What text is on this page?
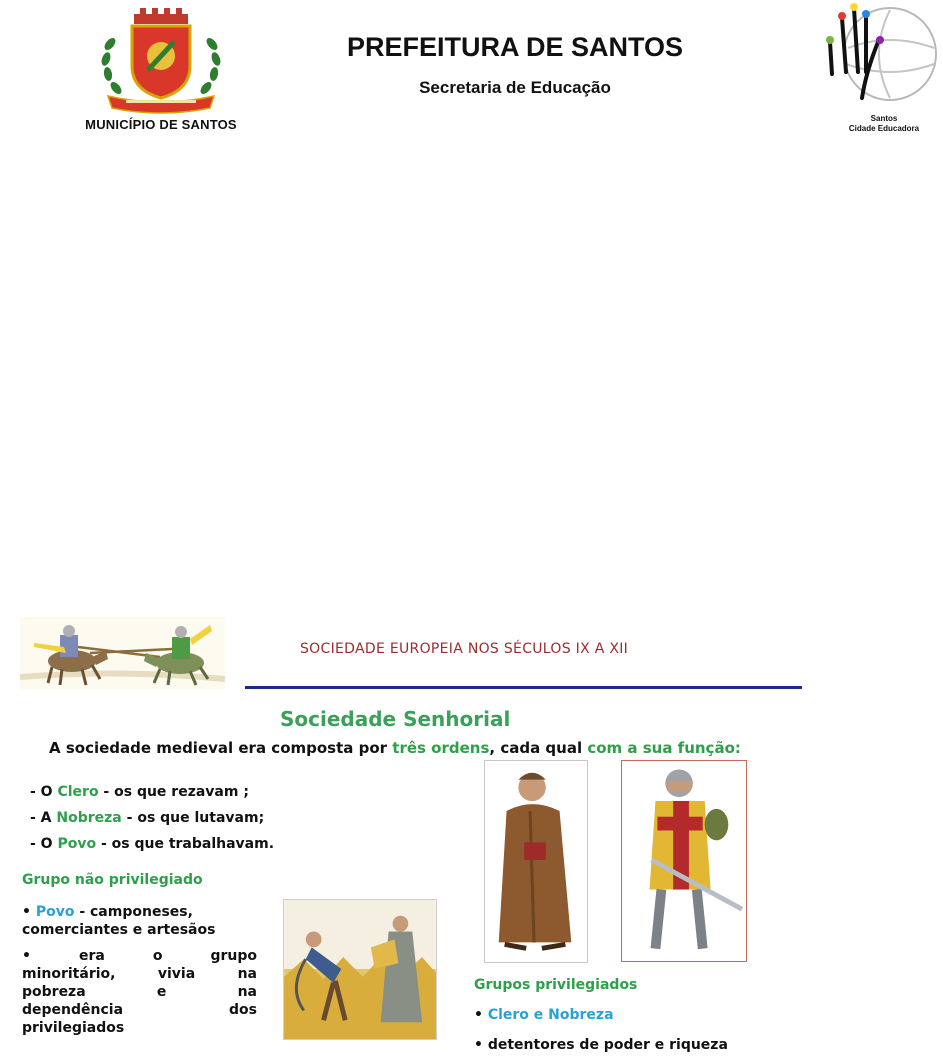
MUNICÍPIO DE SANTOS
PREFEITURA DE SANTOS
Secretaria de Educação
Santos
Cidade Educadora
SOCIEDADE EUROPEIA NOS SÉCULOS IX A XII
Sociedade Senhorial
A sociedade medieval era composta por três ordens, cada qual com a sua função:
- O Clero - os que rezavam ;
- A Nobreza - os que lutavam;
- O Povo - os que trabalhavam.
Grupo não privilegiado
• Povo - camponeses,
comerciantes e artesãos
•    era    o    grupo
minoritário, vivia na
pobreza e na
dependência dos
privilegiados
Grupos privilegiados
• Clero e Nobreza
• detentores de poder e riqueza
